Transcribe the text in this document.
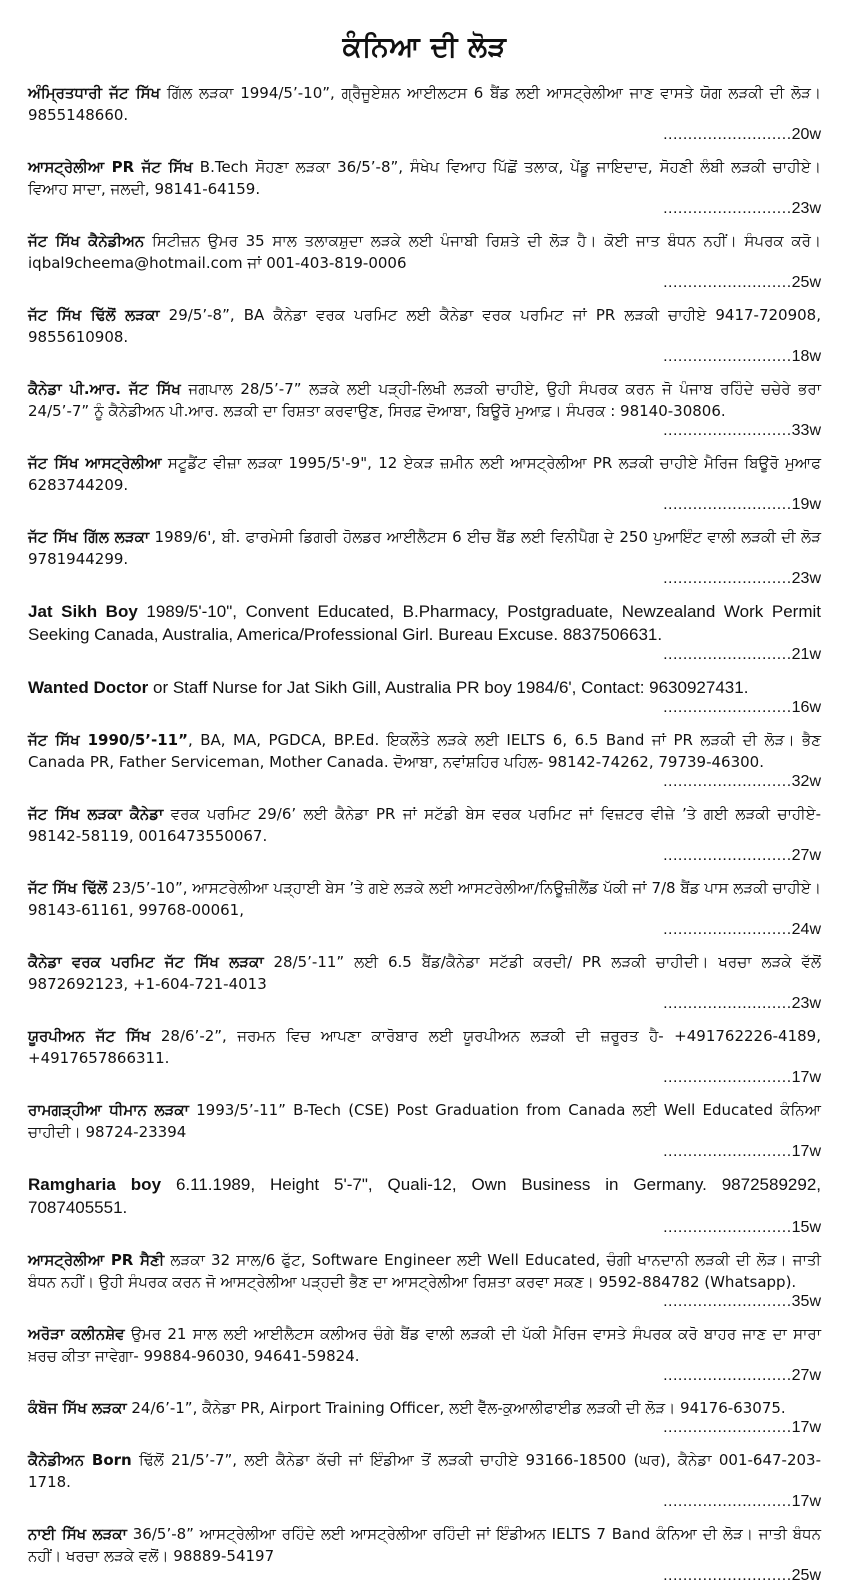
ਕੰਨਿਆ ਦੀ ਲੋੜ

ਅੰਮ੍ਰਿਤਧਾਰੀ ਜੱਟ ਸਿੱਖ ਗਿੱਲ ਲੜਕਾ 1994/5’-10”, ਗ੍ਰੈਜੂਏਸ਼ਨ ਆਈਲਟਸ 6 ਬੈਂਡ ਲਈ ਆਸਟ੍ਰੇਲੀਆ ਜਾਣ ਵਾਸਤੇ ਯੋਗ ਲੜਕੀ ਦੀ ਲੋੜ। 9855148660.

.......................... 20w

ਆਸਟ੍ਰੇਲੀਆ PR ਜੱਟ ਸਿੱਖ B.Tech ਸੋਹਣਾ ਲੜਕਾ 36/5’-8”, ਸੰਖੇਪ ਵਿਆਹ ਪਿੱਛੋਂ ਤਲਾਕ, ਪੇਂਡੂ ਜਾਇਦਾਦ, ਸੋਹਣੀ ਲੰਬੀ ਲੜਕੀ ਚਾਹੀਏ। ਵਿਆਹ ਸਾਦਾ, ਜਲਦੀ, 98141-64159.

.......................... 23w

ਜੱਟ ਸਿੱਖ ਕੈਨੇਡੀਅਨ ਸਿਟੀਜ਼ਨ ਉਮਰ 35 ਸਾਲ ਤਲਾਕਸ਼ੁਦਾ ਲੜਕੇ ਲਈ ਪੰਜਾਬੀ ਰਿਸ਼ਤੇ ਦੀ ਲੋੜ ਹੈ। ਕੋਈ ਜਾਤ ਬੰਧਨ ਨਹੀਂ। ਸੰਪਰਕ ਕਰੋ। iqbal9cheema@hotmail.com ਜਾਂ 001-403-819-0006

.......................... 25w

ਜੱਟ ਸਿੱਖ ਢਿੱਲੋਂ ਲੜਕਾ 29/5’-8”, BA ਕੈਨੇਡਾ ਵਰਕ ਪਰਮਿਟ ਲਈ ਕੈਨੇਡਾ ਵਰਕ ਪਰਮਿਟ ਜਾਂ PR ਲੜਕੀ ਚਾਹੀਏ 9417-720908, 9855610908.

.......................... 18w

ਕੈਨੇਡਾ ਪੀ.ਆਰ. ਜੱਟ ਸਿੱਖ ਜਗਪਾਲ 28/5’-7” ਲੜਕੇ ਲਈ ਪੜ੍ਹੀ-ਲਿਖੀ ਲੜਕੀ ਚਾਹੀਏ, ਉਹੀ ਸੰਪਰਕ ਕਰਨ ਜੋ ਪੰਜਾਬ ਰਹਿੰਦੇ ਚਚੇਰੇ ਭਰਾ 24/5’-7” ਨੂੰ ਕੈਨੇਡੀਅਨ ਪੀ.ਆਰ. ਲੜਕੀ ਦਾ ਰਿਸ਼ਤਾ ਕਰਵਾਉਣ, ਸਿਰਫ਼ ਦੋਆਬਾ, ਬਿਊਰੋ ਮੁਆਫ਼। ਸੰਪਰਕ : 98140-30806.

.......................... 33w

ਜੱਟ ਸਿੱਖ ਆਸਟ੍ਰੇਲੀਆ ਸਟੂਡੈਂਟ ਵੀਜ਼ਾ ਲੜਕਾ 1995/5'-9", 12 ਏਕੜ ਜ਼ਮੀਨ ਲਈ ਆਸਟ੍ਰੇਲੀਆ PR ਲੜਕੀ ਚਾਹੀਏ ਮੈਰਿਜ ਬਿਊਰੋ ਮੁਆਫ 6283744209.

.......................... 19w

ਜੱਟ ਸਿੱਖ ਗਿੱਲ ਲੜਕਾ 1989/6', ਬੀ. ਫਾਰਮੇਸੀ ਡਿਗਰੀ ਹੋਲਡਰ ਆਈਲੈਟਸ 6 ਈਚ ਬੈਂਡ ਲਈ ਵਿਨੀਪੈਗ ਦੇ 250 ਪੁਆਇੰਟ ਵਾਲੀ ਲੜਕੀ ਦੀ ਲੋੜ 9781944299.

.......................... 23w

Jat Sikh Boy 1989/5'-10", Convent Educated, B.Pharmacy, Postgraduate, Newzealand Work Permit Seeking Canada, Australia, America/Professional Girl. Bureau Excuse. 8837506631.

.......................... 21w

Wanted Doctor or Staff Nurse for Jat Sikh Gill, Australia PR boy 1984/6', Contact: 9630927431.

.......................... 16w

ਜੱਟ ਸਿੱਖ 1990/5’-11”, BA, MA, PGDCA, BP.Ed. ਇਕਲੌਤੇ ਲੜਕੇ ਲਈ IELTS 6, 6.5 Band ਜਾਂ PR ਲੜਕੀ ਦੀ ਲੋੜ। ਭੈਣ Canada PR, Father Serviceman, Mother Canada. ਦੋਆਬਾ, ਨਵਾਂਸ਼ਹਿਰ ਪਹਿਲ- 98142-74262, 79739-46300.

.......................... 32w

ਜੱਟ ਸਿੱਖ ਲੜਕਾ ਕੈਨੇਡਾ ਵਰਕ ਪਰਮਿਟ 29/6’ ਲਈ ਕੈਨੇਡਾ PR ਜਾਂ ਸਟੱਡੀ ਬੇਸ ਵਰਕ ਪਰਮਿਟ ਜਾਂ ਵਿਜ਼ਟਰ ਵੀਜ਼ੇ ’ਤੇ ਗਈ ਲੜਕੀ ਚਾਹੀਏ- 98142-58119, 0016473550067.

.......................... 27w

ਜੱਟ ਸਿੱਖ ਢਿੱਲੋਂ 23/5’-10”, ਆਸਟਰੇਲੀਆ ਪੜ੍ਹਾਈ ਬੇਸ ’ਤੇ ਗਏ ਲੜਕੇ ਲਈ ਆਸਟਰੇਲੀਆ/ਨਿਊਜ਼ੀਲੈਂਡ ਪੱਕੀ ਜਾਂ 7/8 ਬੈਂਡ ਪਾਸ ਲੜਕੀ ਚਾਹੀਏ। 98143-61161, 99768-00061,

.......................... 24w

ਕੈਨੇਡਾ ਵਰਕ ਪਰਮਿਟ ਜੱਟ ਸਿੱਖ ਲੜਕਾ 28/5’-11” ਲਈ 6.5 ਬੈਂਡ/ਕੈਨੇਡਾ ਸਟੱਡੀ ਕਰਦੀ/ PR ਲੜਕੀ ਚਾਹੀਦੀ। ਖਰਚਾ ਲੜਕੇ ਵੱਲੋਂ 9872692123, +1-604-721-4013

.......................... 23w

ਯੂਰਪੀਅਨ ਜੱਟ ਸਿੱਖ 28/6’-2”, ਜਰਮਨ ਵਿਚ ਆਪਣਾ ਕਾਰੋਬਾਰ ਲਈ ਯੂਰਪੀਅਨ ਲੜਕੀ ਦੀ ਜ਼ਰੂਰਤ ਹੈ- +491762226-4189, +4917657866311.

.......................... 17w

ਰਾਮਗੜ੍ਹੀਆ ਧੀਮਾਨ ਲੜਕਾ 1993/5’-11” B-Tech (CSE) Post Graduation from Canada ਲਈ Well Educated ਕੰਨਿਆ ਚਾਹੀਦੀ। 98724-23394

.......................... 17w

Ramgharia boy 6.11.1989, Height 5'-7", Quali-12, Own Business in Germany. 9872589292, 7087405551.

.......................... 15w

ਆਸਟ੍ਰੇਲੀਆ PR ਸੈਣੀ ਲੜਕਾ 32 ਸਾਲ/6 ਫੁੱਟ, Software Engineer ਲਈ Well Educated, ਚੰਗੀ ਖਾਨਦਾਨੀ ਲੜਕੀ ਦੀ ਲੋੜ। ਜਾਤੀ ਬੰਧਨ ਨਹੀਂ। ਉਹੀ ਸੰਪਰਕ ਕਰਨ ਜੋ ਆਸਟ੍ਰੇਲੀਆ ਪੜ੍ਹਦੀ ਭੈਣ ਦਾ ਆਸਟ੍ਰੇਲੀਆ ਰਿਸ਼ਤਾ ਕਰਵਾ ਸਕਣ। 9592-884782 (Whatsapp).

.......................... 35w

ਅਰੋੜਾ ਕਲੀਨਸ਼ੇਵ ਉਮਰ 21 ਸਾਲ ਲਈ ਆਈਲੈਟਸ ਕਲੀਅਰ ਚੰਗੇ ਬੈਂਡ ਵਾਲੀ ਲੜਕੀ ਦੀ ਪੱਕੀ ਮੈਰਿਜ ਵਾਸਤੇ ਸੰਪਰਕ ਕਰੋ ਬਾਹਰ ਜਾਣ ਦਾ ਸਾਰਾ ਖ਼ਰਚ ਕੀਤਾ ਜਾਵੇਗਾ- 99884-96030, 94641-59824.

.......................... 27w

ਕੰਬੋਜ ਸਿੱਖ ਲੜਕਾ 24/6’-1”, ਕੈਨੇਡਾ PR, Airport Training Officer, ਲਈ ਵੈੱਲ-ਕੁਆਲੀਫਾਈਡ ਲੜਕੀ ਦੀ ਲੋੜ। 94176-63075.

.......................... 17w

ਕੈਨੇਡੀਅਨ Born ਢਿੱਲੋਂ 21/5’-7”, ਲਈ ਕੈਨੇਡਾ ਕੱਚੀ ਜਾਂ ਇੰਡੀਆ ਤੋਂ ਲੜਕੀ ਚਾਹੀਏ 93166-18500 (ਘਰ), ਕੈਨੇਡਾ 001-647-203-1718.

.......................... 17w

ਨਾਈ ਸਿੱਖ ਲੜਕਾ 36/5’-8” ਆਸਟ੍ਰੇਲੀਆ ਰਹਿੰਦੇ ਲਈ ਆਸਟ੍ਰੇਲੀਆ ਰਹਿੰਦੀ ਜਾਂ ਇੰਡੀਅਨ IELTS 7 Band ਕੰਨਿਆ ਦੀ ਲੋੜ। ਜਾਤੀ ਬੰਧਨ ਨਹੀਂ। ਖਰਚਾ ਲੜਕੇ ਵਲੋਂ। 98889-54197

.......................... 25w
